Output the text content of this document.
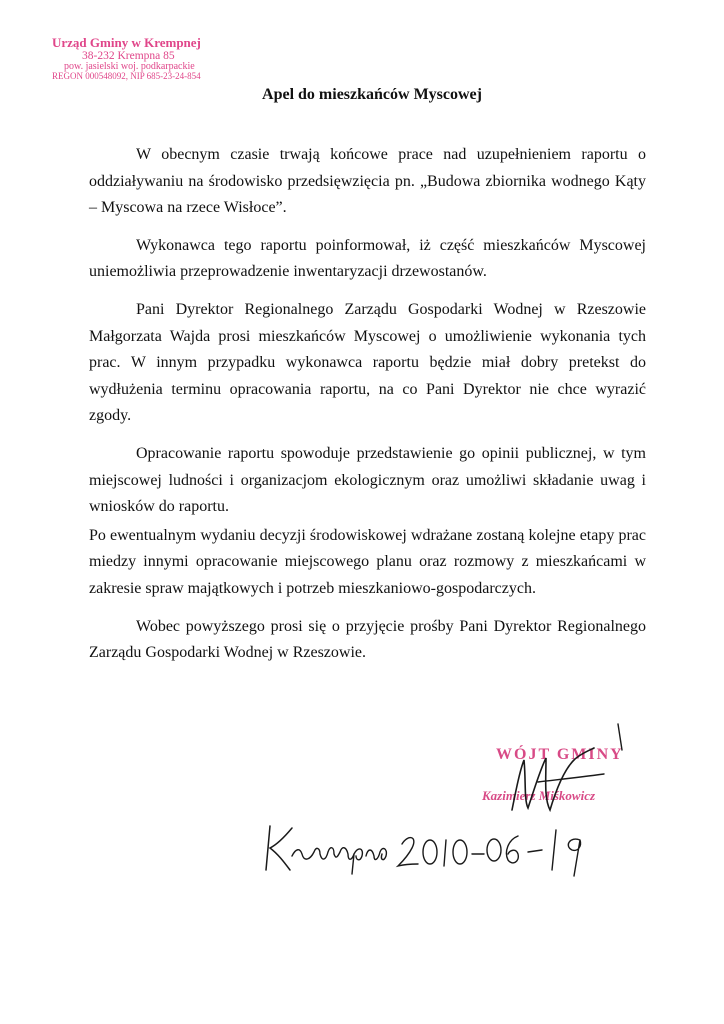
Urząd Gminy w Krempnej
38-232 Krempna 85
pow. jasielski woj. podkarpackie
REGON 000548092, NIP 685-23-24-854
Apel do mieszkańców Myscowej

W obecnym czasie trwają końcowe prace nad uzupełnieniem raportu o oddziaływaniu na środowisko przedsięwzięcia pn. „Budowa zbiornika wodnego Kąty – Myscowa na rzece Wisłoce”.

Wykonawca tego raportu poinformował, iż część mieszkańców Myscowej uniemożliwia przeprowadzenie inwentaryzacji drzewostanów.

Pani Dyrektor Regionalnego Zarządu Gospodarki Wodnej w Rzeszowie Małgorzata Wajda prosi mieszkańców Myscowej o umożliwienie wykonania tych prac. W innym przypadku wykonawca raportu będzie miał dobry pretekst do wydłużenia terminu opracowania raportu, na co Pani Dyrektor nie chce wyrazić zgody.

Opracowanie raportu spowoduje przedstawienie go opinii publicznej, w tym miejscowej ludności i organizacjom ekologicznym oraz umożliwi składanie uwag i wniosków do raportu.

Po ewentualnym wydaniu decyzji środowiskowej wdrażane zostaną kolejne etapy prac miedzy innymi opracowanie miejscowego planu oraz rozmowy z mieszkańcami w zakresie spraw majątkowych i potrzeb mieszkaniowo-gospodarczych.

Wobec powyższego prosi się o przyjęcie prośby Pani Dyrektor Regionalnego Zarządu Gospodarki Wodnej w Rzeszowie.

WÓJT GMINY
Kazimierz Miśkowicz
